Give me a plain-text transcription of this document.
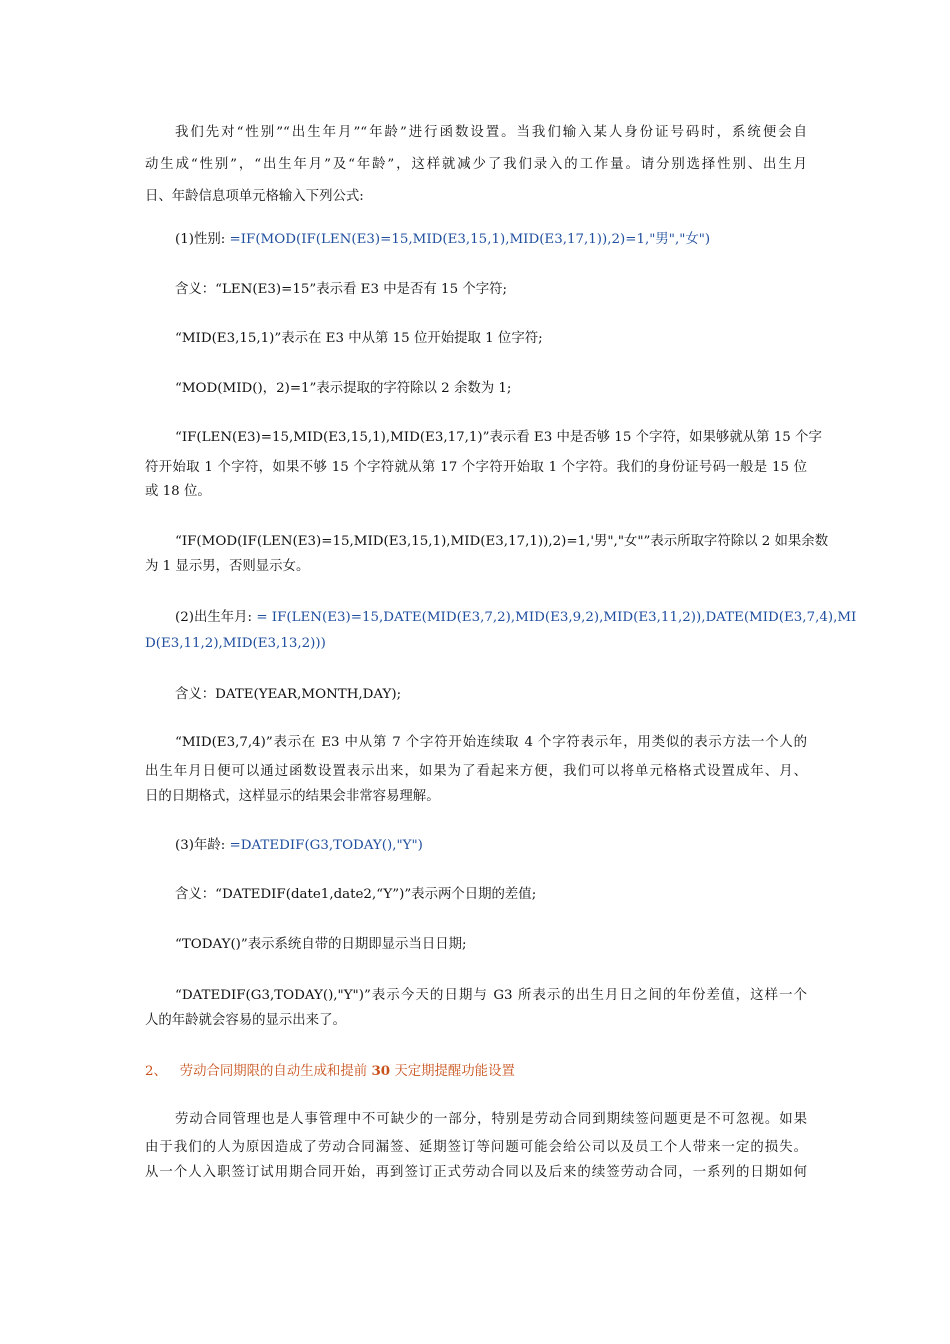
我们先对“性别”“出生年月”“年龄”进行函数设置。当我们输入某人身份证号码时，系统便会自
动生成“性别”，“出生年月”及“年龄”，这样就减少了我们录入的工作量。请分别选择性别、出生月
日、年龄信息项单元格输入下列公式:
(1)性别: =IF(MOD(IF(LEN(E3)=15,MID(E3,15,1),MID(E3,17,1)),2)=1,"男","女")
含义：“LEN(E3)=15”表示看 E3 中是否有 15 个字符;
“MID(E3,15,1)”表示在 E3 中从第 15 位开始提取 1 位字符;
“MOD(MID()，2)=1”表示提取的字符除以 2 余数为 1;
“IF(LEN(E3)=15,MID(E3,15,1),MID(E3,17,1)”表示看 E3 中是否够 15 个字符，如果够就从第 15 个字
符开始取 1 个字符，如果不够 15 个字符就从第 17 个字符开始取 1 个字符。我们的身份证号码一般是 15 位
或 18 位。
“IF(MOD(IF(LEN(E3)=15,MID(E3,15,1),MID(E3,17,1)),2)=1,'男","女"”表示所取字符除以 2 如果余数
为 1 显示男，否则显示女。
(2)出生年月: = IF(LEN(E3)=15,DATE(MID(E3,7,2),MID(E3,9,2),MID(E3,11,2)),DATE(MID(E3,7,4),MI
D(E3,11,2),MID(E3,13,2)))
含义：DATE(YEAR,MONTH,DAY);
“MID(E3,7,4)”表示在 E3 中从第 7 个字符开始连续取 4 个字符表示年，用类似的表示方法一个人的
出生年月日便可以通过函数设置表示出来，如果为了看起来方便，我们可以将单元格格式设置成年、月、
日的日期格式，这样显示的结果会非常容易理解。
(3)年龄: =DATEDIF(G3,TODAY(),"Y")
含义：“DATEDIF(date1,date2,“Y”)”表示两个日期的差值;
“TODAY()”表示系统自带的日期即显示当日日期;
“DATEDIF(G3,TODAY(),"Y")”表示今天的日期与 G3 所表示的出生月日之间的年份差值，这样一个
人的年龄就会容易的显示出来了。
2、 劳动合同期限的自动生成和提前 30 天定期提醒功能设置
劳动合同管理也是人事管理中不可缺少的一部分，特别是劳动合同到期续签问题更是不可忽视。如果
由于我们的人为原因造成了劳动合同漏签、延期签订等问题可能会给公司以及员工个人带来一定的损失。
从一个人入职签订试用期合同开始，再到签订正式劳动合同以及后来的续签劳动合同，一系列的日期如何
